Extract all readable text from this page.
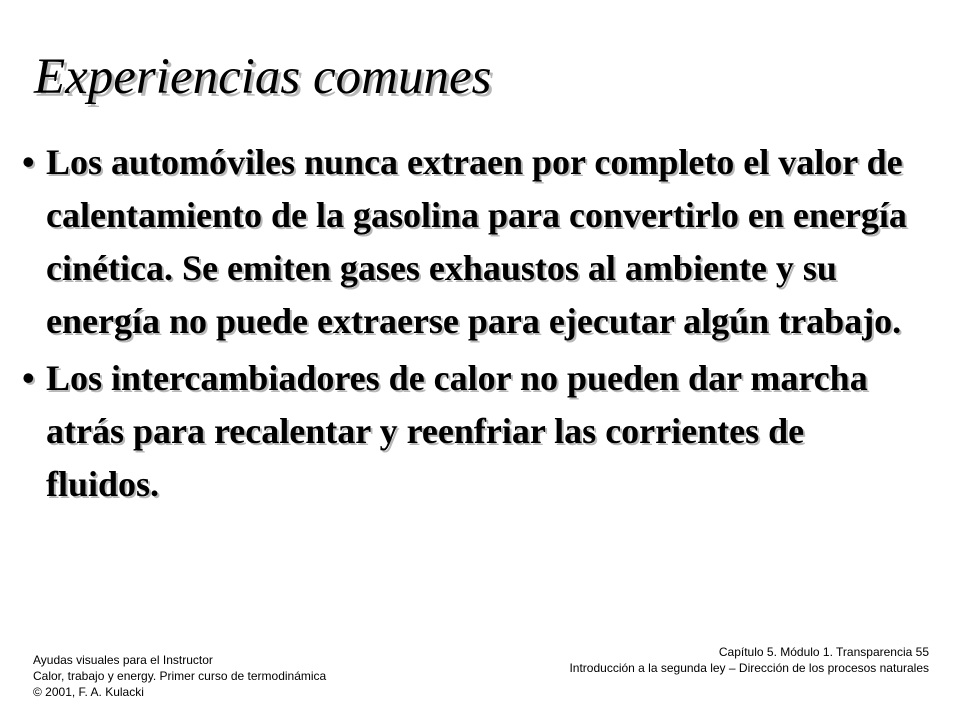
Experiencias comunes
• Los automóviles nunca extraen por completo el valor de calentamiento de la gasolina para convertirlo en energía cinética. Se emiten gases exhaustos al ambiente y su energía no puede extraerse para ejecutar algún trabajo.
• Los intercambiadores de calor no pueden dar marcha atrás para recalentar y reenfriar las corrientes de fluidos.
Ayudas visuales para el Instructor
Calor, trabajo y energy. Primer curso de termodinámica
© 2001, F. A. Kulacki
Capítulo 5. Módulo 1. Transparencia 55
Introducción a la segunda ley – Dirección de los procesos naturales
